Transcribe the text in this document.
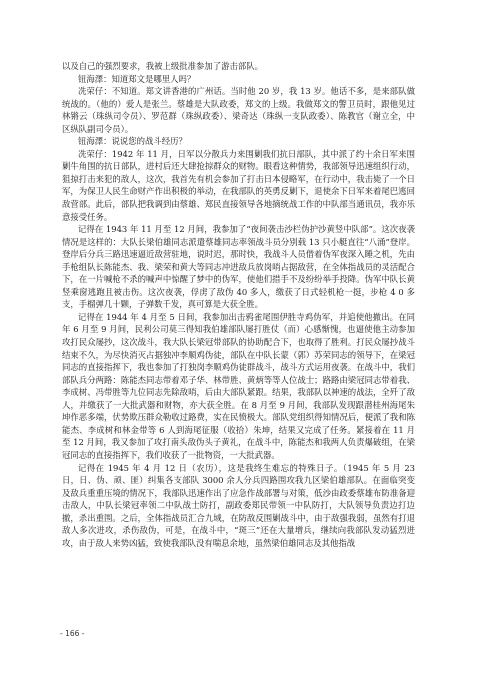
以及自己的强烈要求，我被上级批准参加了游击部队。

钮海澤：知道郑文是哪里人吗？

冼荣仔：不知道。郑文讲香港的广州话。当时他 20 岁，我 13 岁。他话不多，是来部队做统战的。（他的）爱人是张兰。蔡雄是大队政委，郑文的上级。我做郑文的警卫员时，跟他见过林锵云（珠纵司令员）、罗范群（珠纵政委）、梁奇达（珠纵一支队政委）、陈教官（谢立全，中区纵队副司令员）。

钮海澤：说说您的战斗经历？

冼荣仔：1942 年 11 月，日军以分散兵力来围剿我们抗日部队，其中派了约十余日军来围剿牛角围的抗日部队，进村后还大肆抢掠群众的财物。眼看这种情势，我部领导迅速组织行动，狙掠打击来犯的敌人，这次，我首先有机会参加了打击日本侵略军，在行动中，我击毙了一个日军，为保卫人民生命财产作出积极的举动，在我部队的英勇反剿下，退使余下日军来着尾巴逃回敌营部。此后，部队把我调到由蔡雄、郑民直接领导各地摘统战工作的中队部当通讯员，我亦乐意接受任务。

记得在 1943 年 11 月至 12 月间，我参加了“夜间袭击沙栏伪护沙黄竖中队部”。这次夜袭情况是这样的：大队长梁伯雄同志派遣蔡雄同志率领战斗员分别载 13 只小艇直往“八涌”登岸。登岸后分兵三路迅速逼近敌营驻地，说时迟，那时快，我战斗人员借着伪军夜深入睡之机，先由手枪组队长陈能杰、我、梁荣和黄大等同志冲进敌兵放岗哨占据敌营，在全体指战员的灵活配合下，在一片喊枪不杀的喊声中惊醒了梦中的伪军，使他们措手不及纷纷举手投降。伪军中队长黄竖乘窗逃跑且被击伤。这次夜袭，俘虏了敌伪 40 多人，缴获了日式轻机枪一挺，步枪 4 0 多支，手榴弹几十颗，子弹数千发，真可算是大获全胜。

记得在 1944 年 4 月至 5 日间，我参加出击鸦雀尾围伊胜寺鸡伪军，并追使他撤出。在同年 6 月至 9 月间，民利公司莫三得知我伯雄部队屡打胜仗（而）心感惭愧，也逼使他主动参加攻打民众屡抄，这次战斗，我大队长梁冠带部队的协助配合下，也取得了胜利。打民众屡抄战斗结束不久，为尽快消灭占据独冲李顺鸡伪徒，部队在中队长蒙（郭）苏荣同志的领导下，在梁冠同志的直接指挥下，我也参加了打独岗李顺鸡伪徒群战斗，战斗方式运用夜袭。在战斗中，我们部队兵分两路：陈能杰同志带着邓子华、林带胜、黄炳等等人位战士；路路由梁冠同志带着我、李成树、冯带胜等九位同志先除敌哨，后由大部队紧跟。结果，我部队以神速的战法，全歼了敌人，并缴获了一大批武器和财物，亦大获全胜。在 8 月至 9 月间，我部队发现跟潜桂州海尾朱坤作恶多端，伏势欺压群众勒收过路费，实在民愤极大。部队党组织得知情况后，便派了我和陈能杰、李成树和林金带等 6 人到海尾征服（收拾）朱坤，结果又完成了任务。紧接着在 11 月至 12 月间，我又参加了攻打南头敌伪头子黄礼，在战斗中，陈能杰和我两人负责爆破组，在梁冠同志的直接指挥下，我们收获了一批物资，一大批武器。

记得在 1945 年 4 月 12 日（农历），这是我终生难忘的特殊日子。（1945 年 5 月 23 日，日、伪、顽、匪）纠集各支部队 3000 余人分兵四路围攻我九区梁伯雄部队。在面临突变及敌兵重重压境的情况下，我部队迅速作出了应急作战部署与对策，低沙由政委蔡雄布防准备迎击敌人，中队长梁冠率领二中队战士防打，副政委郑民带领一中队防打，大队领导负责边打边撤，杀出重围。之后，全体指战员汇合九域，在防敌反围剿战斗中，由于敌强我弱，虽然有打退敌人多次进攻，杀伤敌伪，可是，在战斗中，“斑三”还在大量增兵，继续向我部队发动猛烈进攻，由于敌人来势凶猛，致使我部队没有喘息余地，虽然梁伯雄同志及其他指战

- 166 -
